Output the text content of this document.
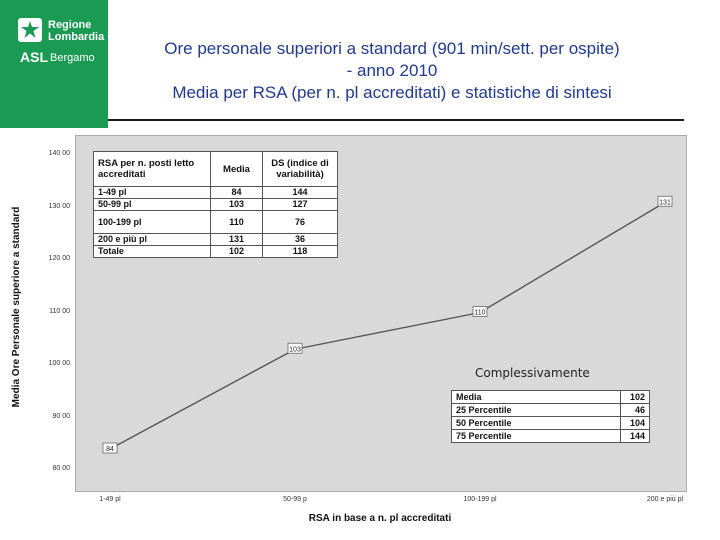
Regione
Lombardia
ASL Bergamo	Ore personale superiori a standard (901 min/sett. per ospite)
- anno 2010
Media per RSA (per n. pl accreditati) e statistiche di sintesi
84
103
110
131
Media Ore Personale superiore a standard
RSA in base a n. pl accreditati
80 00
90 00
100 00
110 00
120 00
130 00
140 00
1-49 pl	50-99 p	100-199 pl	200 e più pl
RSA per n. posti letto accreditati	Media	DS (indice di variabilità)
1-49 pl	84	144
50-99 pl	103	127
100-199 pl	110	76
200 e più pl	131	36
Totale	102	118
Complessivamente
Media	102
25 Percentile	46
50 Percentile	104
75 Percentile	144
